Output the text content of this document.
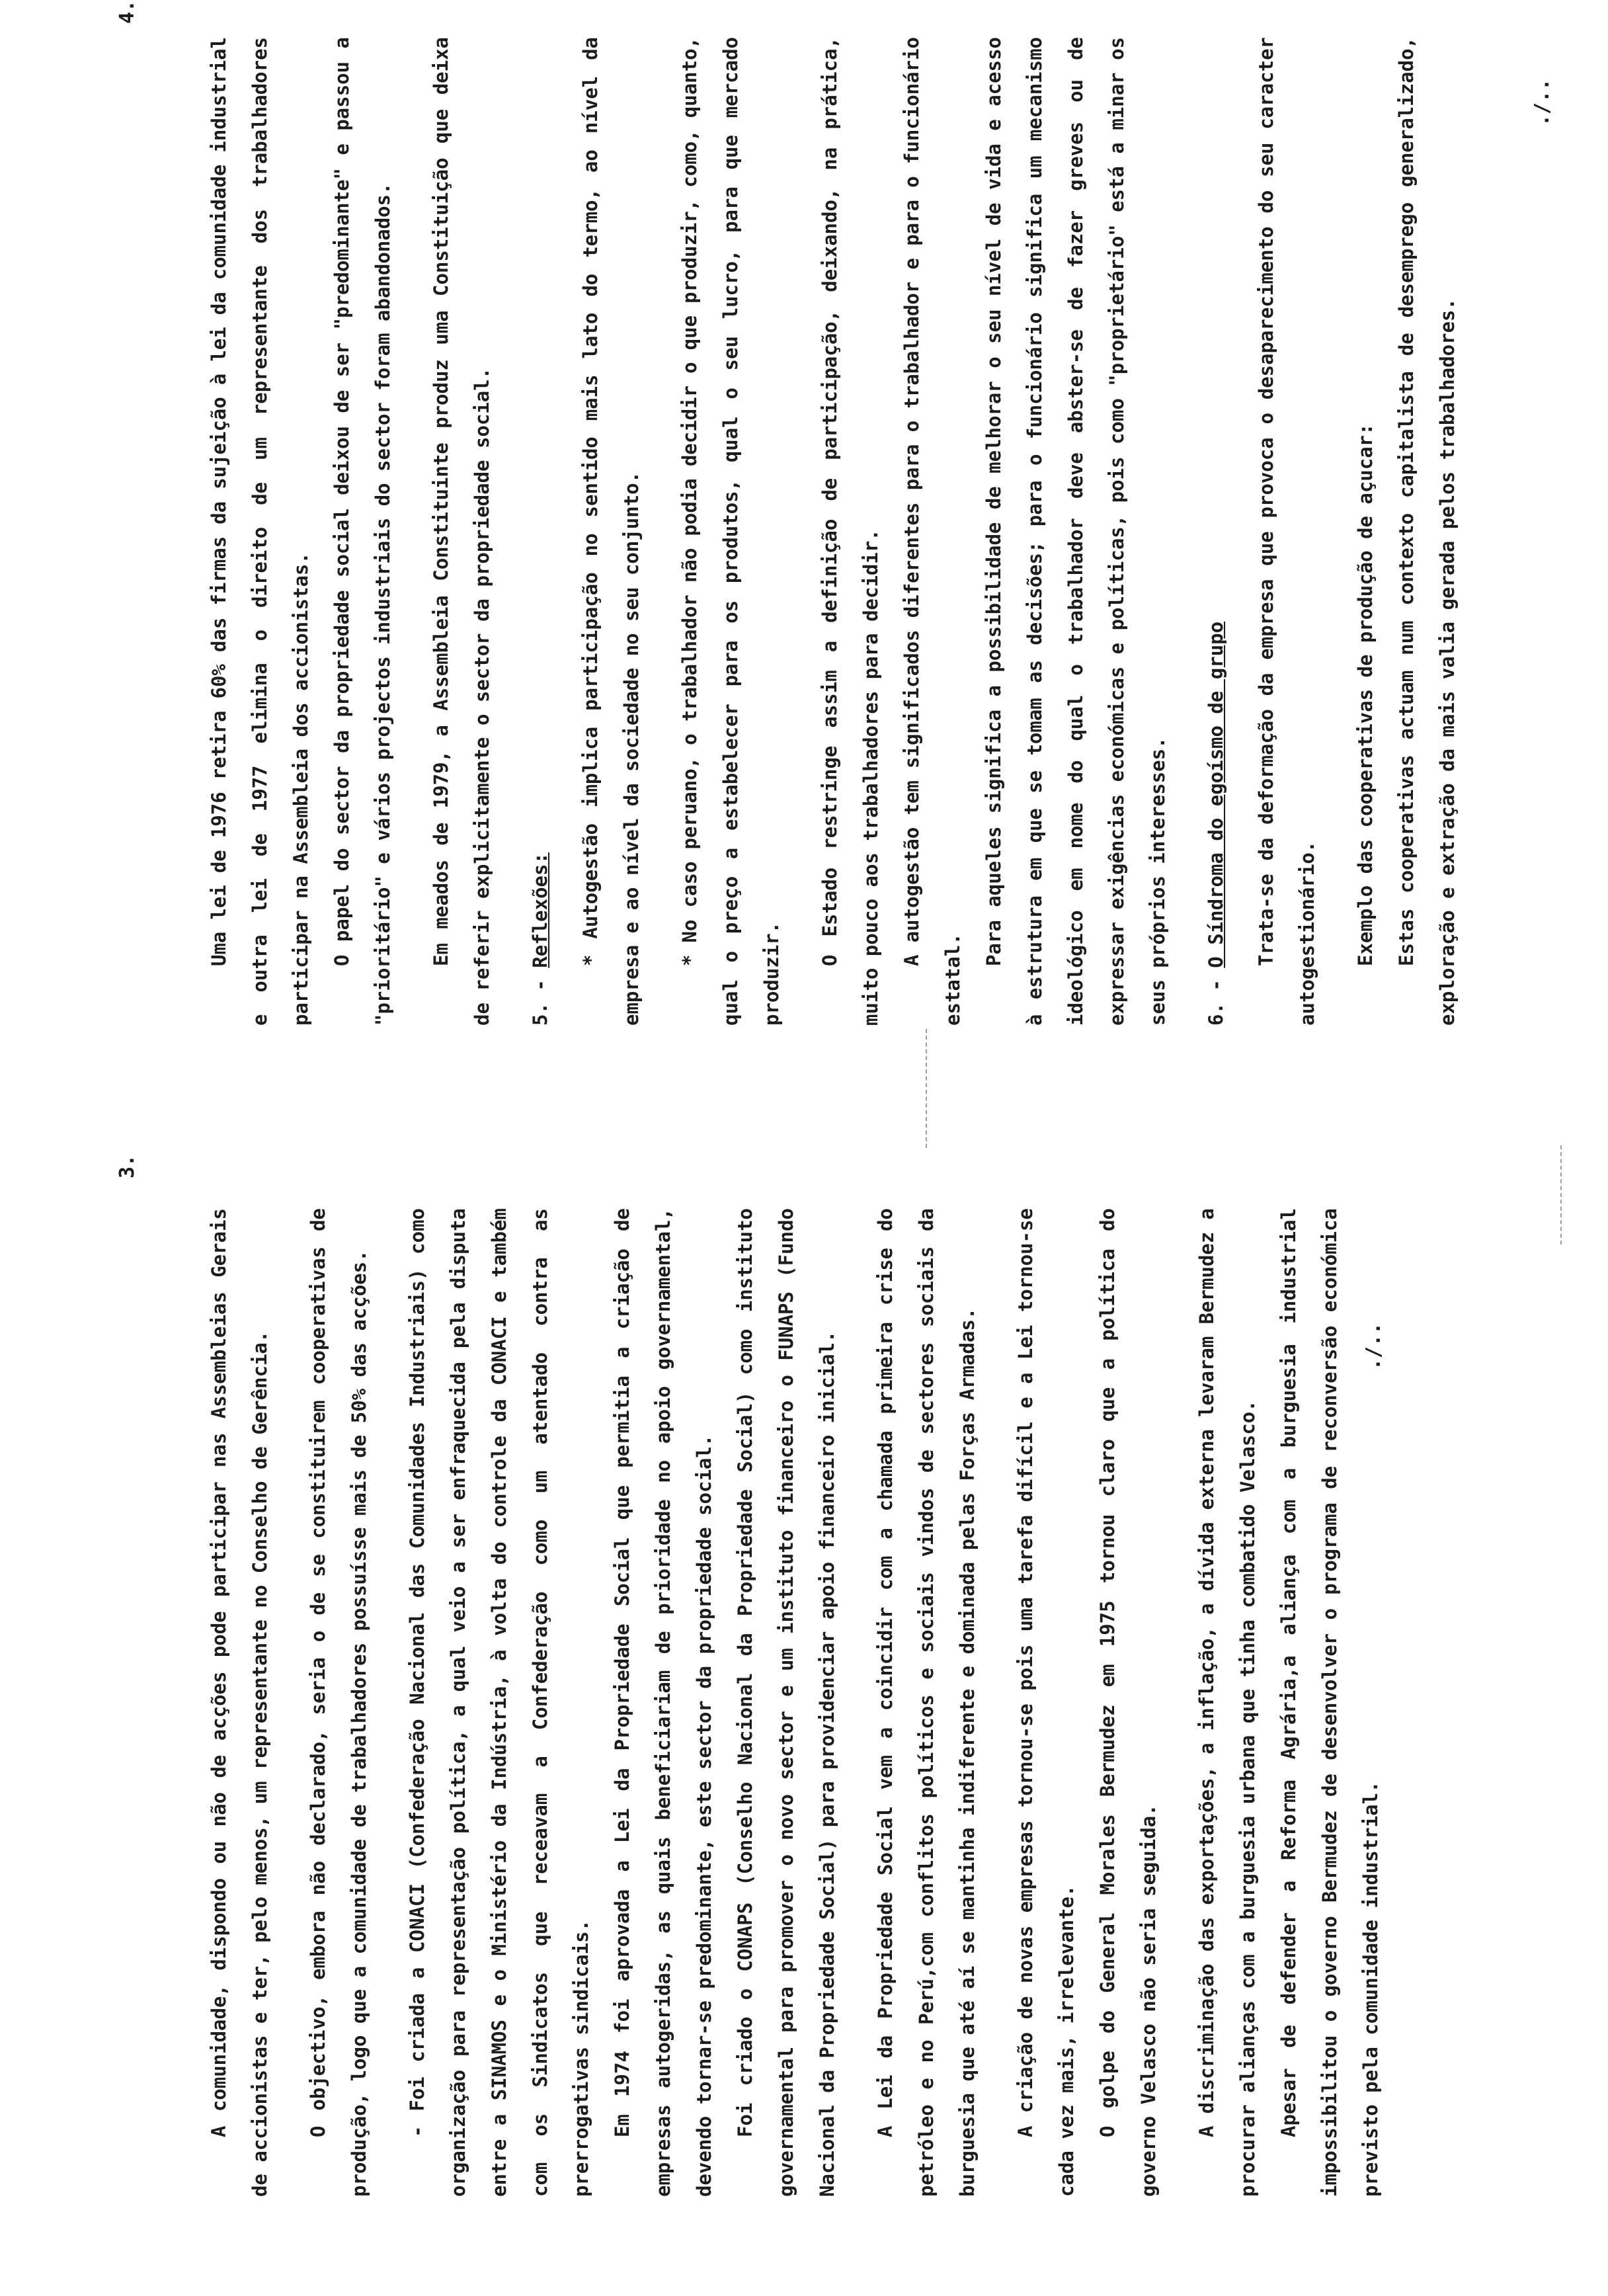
3.

A comunidade, dispondo ou não de acções pode participar nas Assembleias Gerais de accionistas e ter, pelo menos, um representante no Conselho de Gerência.	O objectivo, embora não declarado, seria o de se constituirem cooperativas de produção, logo que a comunidade de trabalhadores possuísse mais de 50% das acções.	- Foi criada a CONACI (Confederação Nacional das Comunidades Industriais) como organização para representação política, a qual veio a ser enfraquecida pela disputa entre a SINAMOS e o Ministério da Indústria, à volta do controle da CONACI e também com os Sindicatos que receavam a Confederação como um atentado contra as prerrogativas sindicais. Em 1974 foi aprovada a Lei da Propriedade Social que permitia a criação de empresas autogeridas, as quais beneficiariam de prioridade no apoio governamental, devendo tornar-se predominante, este sector da propriedade social. Foi criado o CONAPS (Conselho Nacional da Propriedade Social) como instituto governamental para promover o novo sector e um instituto financeiro o FUNAPS (Fundo Nacional da Propriedade Social) para providenciar apoio financeiro inicial.	A Lei da Propriedade Social vem a coincidir com a chamada primeira crise do petróleo e no Perú,com conflitos políticos e sociais vindos de sectores sociais da burguesia que até aí se mantinha indiferente e dominada pelas Forças Armadas.	A criação de novas empresas tornou-se pois uma tarefa difícil e a Lei tornou-se cada vez mais, irrelevante. O golpe do General Morales Bermudez em 1975 tornou claro que a política do governo Velasco não seria seguida.	A discriminação das exportações, a inflação, a dívida externa levaram Bermudez a procurar alianças com a burguesia urbana que tinha combatido Velasco. Apesar de defender a Reforma Agrária,a aliança com a burguesia industrial impossibilitou o governo Bermudez de desenvolver o programa de reconversão económica previsto pela comunidade industrial.

./..
4.

Uma lei de 1976 retira 60% das firmas da sujeição à lei da comunidade industrial e outra lei de 1977 elimina o direito de um representante dos trabalhadores participar na Assembleia dos accionistas. O papel do sector da propriedade social deixou de ser "predominante" e passou a "prioritário" e vários projectos industriais do sector foram abandonados.	Em meados de 1979, a Assembleia Constituinte produz uma Constituição que deixa de referir explicitamente o sector da propriedade social.	5. - Reflexões:	* Autogestão implica participação no sentido mais lato do termo, ao nível da empresa e ao nível da sociedade no seu conjunto.	* No caso peruano, o trabalhador não podia decidir o que produzir, como, quanto, qual o preço a estabelecer para os produtos, qual o seu lucro, para que mercado produzir.

O Estado restringe assim a definição de participação, deixando, na prática, muito pouco aos trabalhadores para decidir. A autogestão tem significados diferentes para o trabalhador e para o funcionário estatal.

Para aqueles significa a possibilidade de melhorar o seu nível de vida e acesso à estrutura em que se tomam as decisões; para o funcionário significa um mecanismo ideológico em nome do qual o trabalhador deve abster-se de fazer greves ou de expressar exigências económicas e políticas, pois como "proprietário" está a minar os seus próprios interesses.	6. - O Síndroma do egoísmo de grupo	Trata-se da deformação da empresa que provoca o desaparecimento do seu caracter autogestionário.	Exemplo das cooperativas de produção de açucar: Estas cooperativas actuam num contexto capitalista de desemprego generalizado, exploração e extração da mais valia gerada pelos trabalhadores.

./..
